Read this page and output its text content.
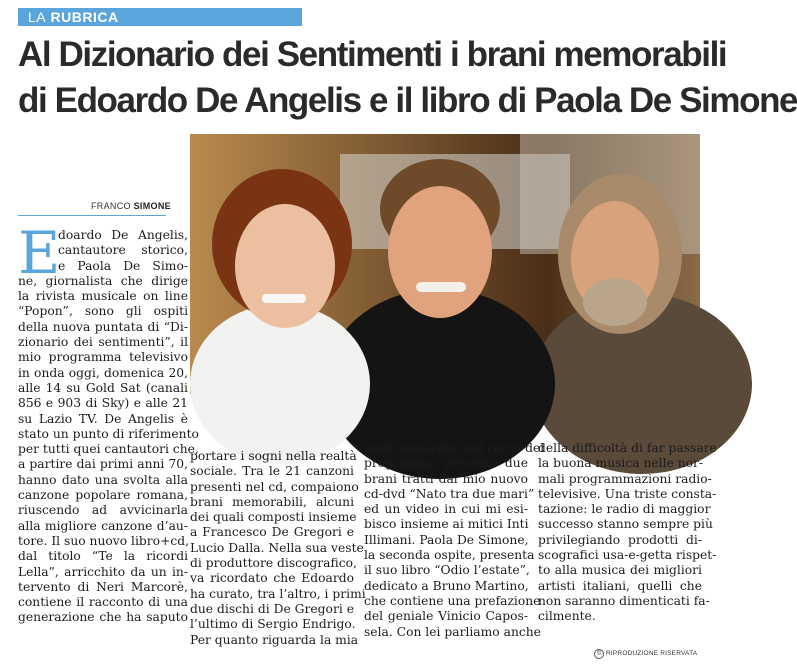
LA RUBRICA
Al Dizionario dei Sentimenti i brani memorabili
di Edoardo De Angelis e il libro di Paola De Simone
FRANCO SIMONE
E
doardo De Angelis,
cantautore storico,
e Paola De Simo-
ne, giornalista che dirige
la rivista musicale on line
“Popon”, sono gli ospiti
della nuova puntata di “Di-
zionario dei sentimenti”, il
mio programma televisivo
in onda oggi, domenica 20,
alle 14 su Gold Sat (canali
856 e 903 di Sky) e alle 21
su Lazio TV. De Angelis è
stato un punto di riferimento
per tutti quei cantautori che,
a partire dai primi anni 70,
hanno dato una svolta alla
canzone popolare romana,
riuscendo ad avvicinarla
alla migliore canzone d’au-
tore. Il suo nuovo libro+cd,
dal titolo “Te la ricordi
Lella”, arricchito da un in-
tervento di Neri Marcorè,
contiene il racconto di una
generazione che ha saputo
portare i sogni nella realtà
sociale. Tra le 21 canzoni
presenti nel cd, compaiono
brani memorabili, alcuni
dei quali composti insieme
a Francesco De Gregori e
Lucio Dalla. Nella sua veste
di produttore discografico,
va ricordato che Edoardo
ha curato, tra l’altro, i primi
due dischi di De Gregori e
l’ultimo di Sergio Endrigo.
Per quanto riguarda la mia
parte musicale, nel corso del
programma presento due
brani tratti dal mio nuovo
cd-dvd “Nato tra due mari”
ed un video in cui mi esi-
bisco insieme ai mitici Inti
Illimani. Paola De Simone,
la seconda ospite, presenta
il suo libro “Odio l’estate”,
dedicato a Bruno Martino,
che contiene una prefazione
del geniale Vinicio Capos-
sela. Con lei parliamo anche
della difficoltà di far passare
la buona musica nelle nor-
mali programmazioni radio-
televisive. Una triste consta-
tazione: le radio di maggior
successo stanno sempre più
privilegiando prodotti di-
scografici usa-e-getta rispet-
to alla musica dei migliori
artisti italiani, quelli che
non saranno dimenticati fa-
cilmente.
© RIPRODUZIONE RISERVATA
